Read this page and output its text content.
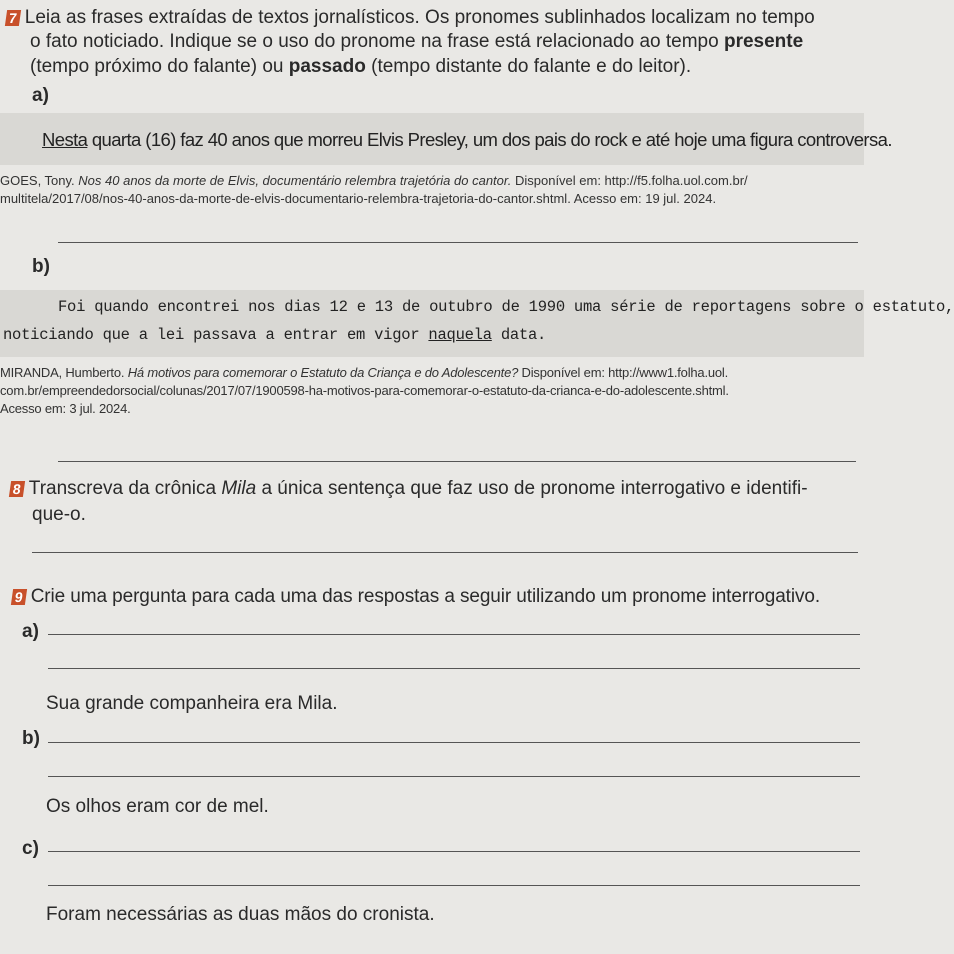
7 Leia as frases extraídas de textos jornalísticos. Os pronomes sublinhados localizam no tempo
o fato noticiado. Indique se o uso do pronome na frase está relacionado ao tempo presente
(tempo próximo do falante) ou passado (tempo distante do falante e do leitor).
a)
Nesta quarta (16) faz 40 anos que morreu Elvis Presley, um dos pais do rock e até hoje uma figura controversa.
GOES, Tony. Nos 40 anos da morte de Elvis, documentário relembra trajetória do cantor. Disponível em: http://f5.folha.uol.com.br/
multitela/2017/08/nos-40-anos-da-morte-de-elvis-documentario-relembra-trajetoria-do-cantor.shtml. Acesso em: 19 jul. 2024.
b)
Foi quando encontrei nos dias 12 e 13 de outubro de 1990 uma série de reportagens sobre o estatuto,
noticiando que a lei passava a entrar em vigor naquela data.
MIRANDA, Humberto. Há motivos para comemorar o Estatuto da Criança e do Adolescente? Disponível em: http://www1.folha.uol.
com.br/empreendedorsocial/colunas/2017/07/1900598-ha-motivos-para-comemorar-o-estatuto-da-crianca-e-do-adolescente.shtml.
Acesso em: 3 jul. 2024.
8 Transcreva da crônica Mila a única sentença que faz uso de pronome interrogativo e identifi-
que-o.
9 Crie uma pergunta para cada uma das respostas a seguir utilizando um pronome interrogativo.
a)
Sua grande companheira era Mila.
b)
Os olhos eram cor de mel.
c)
Foram necessárias as duas mãos do cronista.
